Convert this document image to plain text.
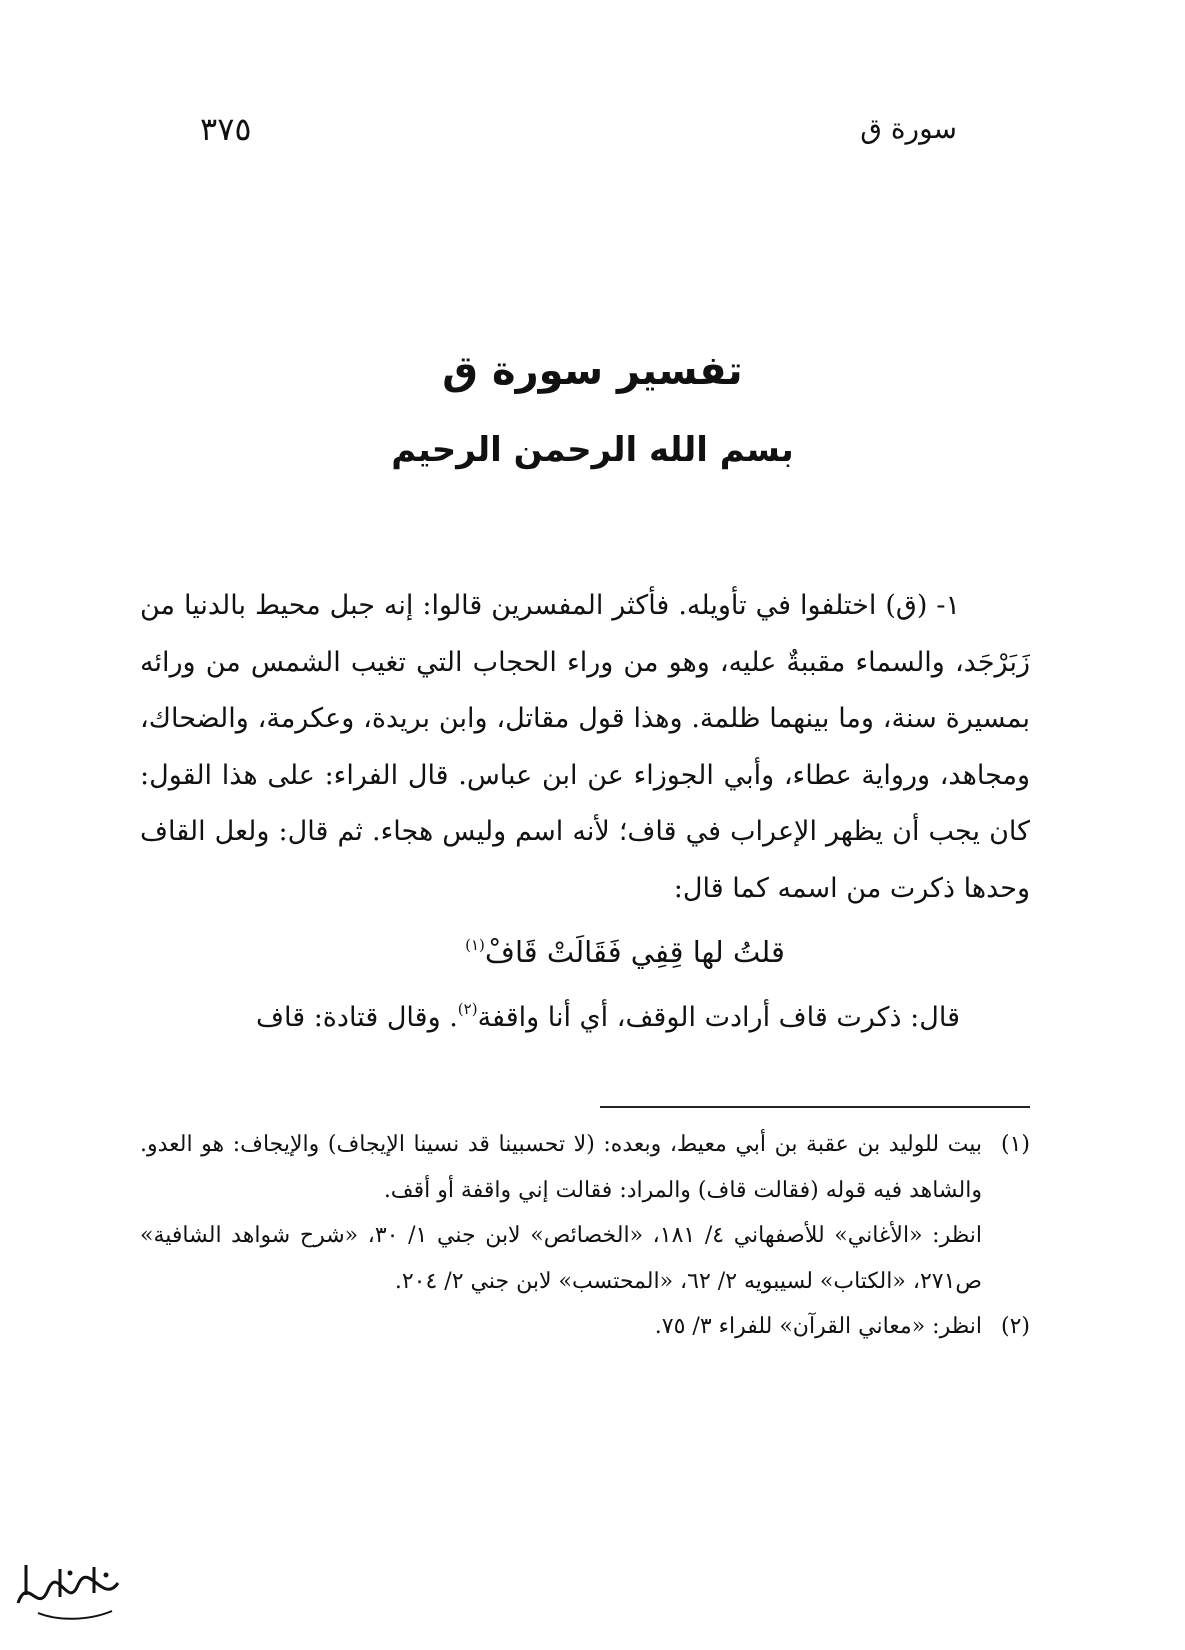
سورة ق
٣٧٥
تفسير سورة ق
بسم الله الرحمن الرحيم

١- (ق) اختلفوا في تأويله. فأكثر المفسرين قالوا: إنه جبل محيط بالدنيا من زَبَرْجَد، والسماء مقببةٌ عليه، وهو من وراء الحجاب التي تغيب الشمس من ورائه بمسيرة سنة، وما بينهما ظلمة. وهذا قول مقاتل، وابن بريدة، وعكرمة، والضحاك، ومجاهد، ورواية عطاء، وأبي الجوزاء عن ابن عباس. قال الفراء: على هذا القول: كان يجب أن يظهر الإعراب في قاف؛ لأنه اسم وليس هجاء. ثم قال: ولعل القاف وحدها ذكرت من اسمه كما قال:

قلتُ لها قِفِي فَقَالَتْ قَافْ$^{(١)}$

قال: ذكرت قاف أرادت الوقف، أي أنا واقفة$^{(٢)}$. وقال قتادة: قاف

(١)

بيت للوليد بن عقبة بن أبي معيط، وبعده: (لا تحسبينا قد نسينا الإيجاف) والإيجاف: هو العدو. والشاهد فيه قوله (فقالت قاف) والمراد: فقالت إني واقفة أو أقف.

انظر: «الأغاني» للأصفهاني ٤/ ١٨١، «الخصائص» لابن جني ١/ ٣٠، «شرح شواهد الشافية» ص٢٧١، «الكتاب» لسيبويه ٢/ ٦٢، «المحتسب» لابن جني ٢/ ٢٠٤.

(٢)

انظر: «معاني القرآن» للفراء ٣/ ٧٥.
